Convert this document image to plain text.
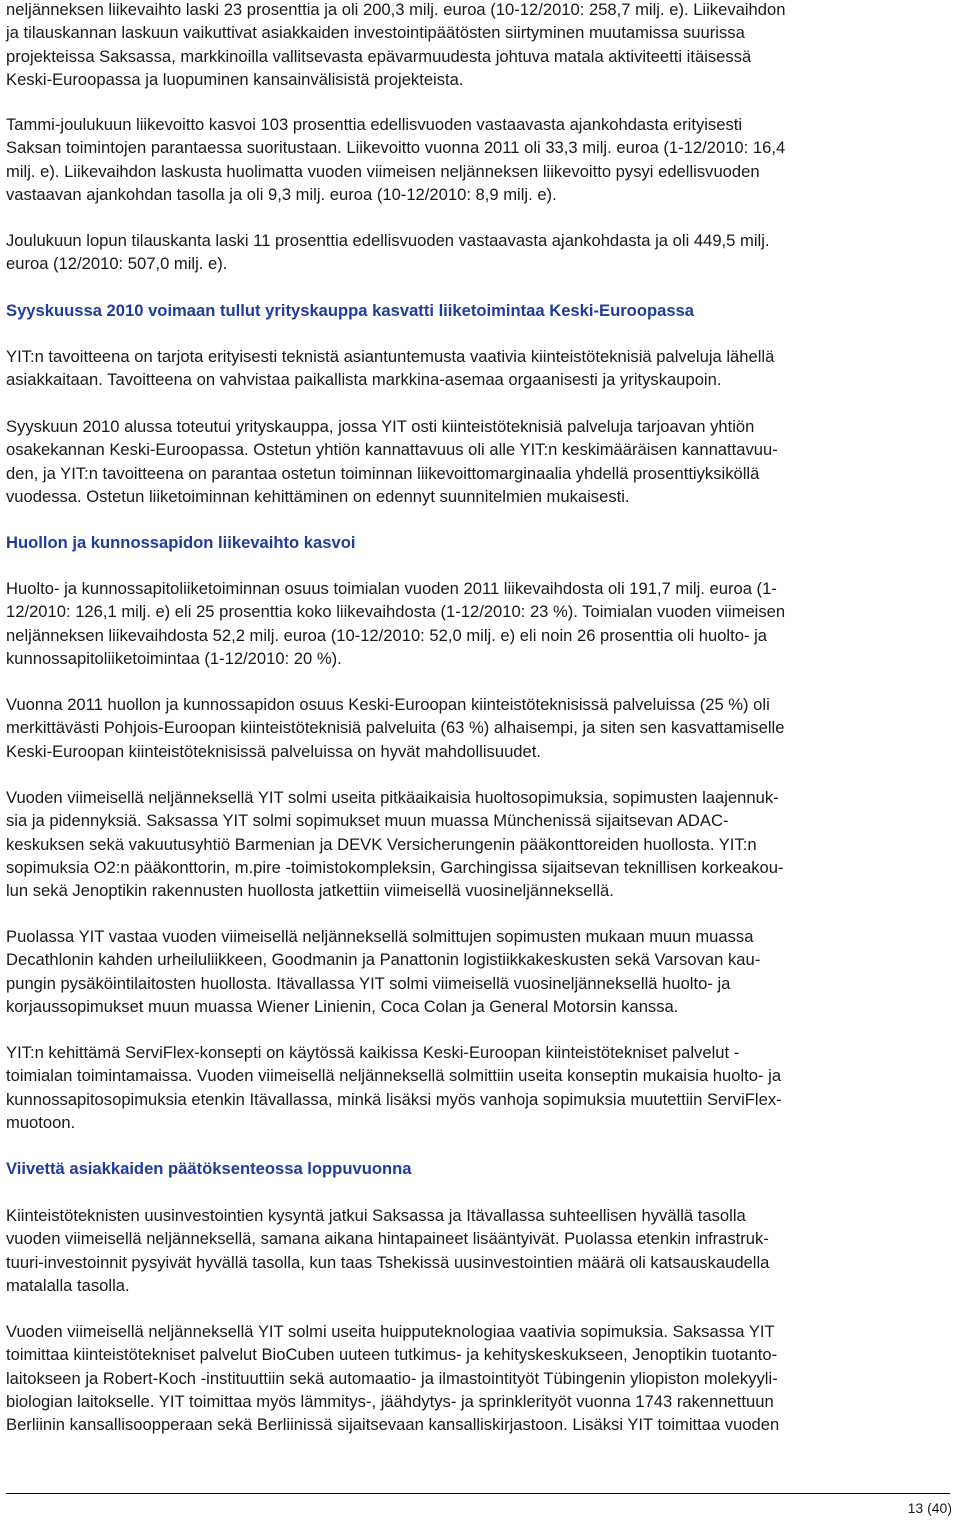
neljänneksen liikevaihto laski 23 prosenttia ja oli 200,3 milj. euroa (10-12/2010: 258,7 milj. e). Liikevaihdon
ja tilauskannan laskuun vaikuttivat asiakkaiden investointipäätösten siirtyminen muutamissa suurissa
projekteissa Saksassa, markkinoilla vallitsevasta epävarmuudesta johtuva matala aktiviteetti itäisessä
Keski-Euroopassa ja luopuminen kansainvälisistä projekteista.

Tammi-joulukuun liikevoitto kasvoi 103 prosenttia edellisvuoden vastaavasta ajankohdasta erityisesti
Saksan toimintojen parantaessa suoritustaan. Liikevoitto vuonna 2011 oli 33,3 milj. euroa (1-12/2010: 16,4
milj. e). Liikevaihdon laskusta huolimatta vuoden viimeisen neljänneksen liikevoitto pysyi edellisvuoden
vastaavan ajankohdan tasolla ja oli 9,3 milj. euroa (10-12/2010: 8,9 milj. e).

Joulukuun lopun tilauskanta laski 11 prosenttia edellisvuoden vastaavasta ajankohdasta ja oli 449,5 milj.
euroa (12/2010: 507,0 milj. e).

Syyskuussa 2010 voimaan tullut yrityskauppa kasvatti liiketoimintaa Keski-Euroopassa

YIT:n tavoitteena on tarjota erityisesti teknistä asiantuntemusta vaativia kiinteistöteknisiä palveluja lähellä
asiakkaitaan. Tavoitteena on vahvistaa paikallista markkina-asemaa orgaanisesti ja yrityskaupoin.

Syyskuun 2010 alussa toteutui yrityskauppa, jossa YIT osti kiinteistöteknisiä palveluja tarjoavan yhtiön
osakekannan Keski-Euroopassa. Ostetun yhtiön kannattavuus oli alle YIT:n keskimääräisen kannattavuu-
den, ja YIT:n tavoitteena on parantaa ostetun toiminnan liikevoittomarginaalia yhdellä prosenttiyksiköllä
vuodessa. Ostetun liiketoiminnan kehittäminen on edennyt suunnitelmien mukaisesti.

Huollon ja kunnossapidon liikevaihto kasvoi

Huolto- ja kunnossapitoliiketoiminnan osuus toimialan vuoden 2011 liikevaihdosta oli 191,7 milj. euroa (1-
12/2010: 126,1 milj. e) eli 25 prosenttia koko liikevaihdosta (1-12/2010: 23 %). Toimialan vuoden viimeisen
neljänneksen liikevaihdosta 52,2 milj. euroa (10-12/2010: 52,0 milj. e) eli noin 26 prosenttia oli huolto- ja
kunnossapitoliiketoimintaa (1-12/2010: 20 %).

Vuonna 2011 huollon ja kunnossapidon osuus Keski-Euroopan kiinteistöteknisissä palveluissa (25 %) oli
merkittävästi Pohjois-Euroopan kiinteistöteknisiä palveluita (63 %) alhaisempi, ja siten sen kasvattamiselle
Keski-Euroopan kiinteistöteknisissä palveluissa on hyvät mahdollisuudet.

Vuoden viimeisellä neljänneksellä YIT solmi useita pitkäaikaisia huoltosopimuksia, sopimusten laajennuk-
sia ja pidennyksiä. Saksassa YIT solmi sopimukset muun muassa Münchenissä sijaitsevan ADAC-
keskuksen sekä vakuutusyhtiö Barmenian ja DEVK Versicherungenin pääkonttoreiden huollosta. YIT:n
sopimuksia O2:n pääkonttorin, m.pire -toimistokompleksin, Garchingissa sijaitsevan teknillisen korkeakou-
lun sekä Jenoptikin rakennusten huollosta jatkettiin viimeisellä vuosineljänneksellä.

Puolassa YIT vastaa vuoden viimeisellä neljänneksellä solmittujen sopimusten mukaan muun muassa
Decathlonin kahden urheiluliikkeen, Goodmanin ja Panattonin logistiikkakeskusten sekä Varsovan kau-
pungin pysäköintilaitosten huollosta. Itävallassa YIT solmi viimeisellä vuosineljänneksellä huolto- ja
korjaussopimukset muun muassa Wiener Linienin, Coca Colan ja General Motorsin kanssa.

YIT:n kehittämä ServiFlex-konsepti on käytössä kaikissa Keski-Euroopan kiinteistötekniset palvelut -
toimialan toimintamaissa. Vuoden viimeisellä neljänneksellä solmittiin useita konseptin mukaisia huolto- ja
kunnossapitosopimuksia etenkin Itävallassa, minkä lisäksi myös vanhoja sopimuksia muutettiin ServiFlex-
muotoon.

Viivettä asiakkaiden päätöksenteossa loppuvuonna

Kiinteistöteknisten uusinvestointien kysyntä jatkui Saksassa ja Itävallassa suhteellisen hyvällä tasolla
vuoden viimeisellä neljänneksellä, samana aikana hintapaineet lisääntyivät. Puolassa etenkin infrastruk-
tuuri-investoinnit pysyivät hyvällä tasolla, kun taas Tshekissä uusinvestointien määrä oli katsauskaudella
matalalla tasolla.

Vuoden viimeisellä neljänneksellä YIT solmi useita huipputeknologiaa vaativia sopimuksia. Saksassa YIT
toimittaa kiinteistötekniset palvelut BioCuben uuteen tutkimus- ja kehityskeskukseen, Jenoptikin tuotanto-
laitokseen ja Robert-Koch -instituuttiin sekä automaatio- ja ilmastointityöt Tübingenin yliopiston molekyyli-
biologian laitokselle. YIT toimittaa myös lämmitys-, jäähdytys- ja sprinklerityöt vuonna 1743 rakennettuun
Berliinin kansallisoopperaan sekä Berliinissä sijaitsevaan kansalliskirjastoon. Lisäksi YIT toimittaa vuoden

13 (40)
